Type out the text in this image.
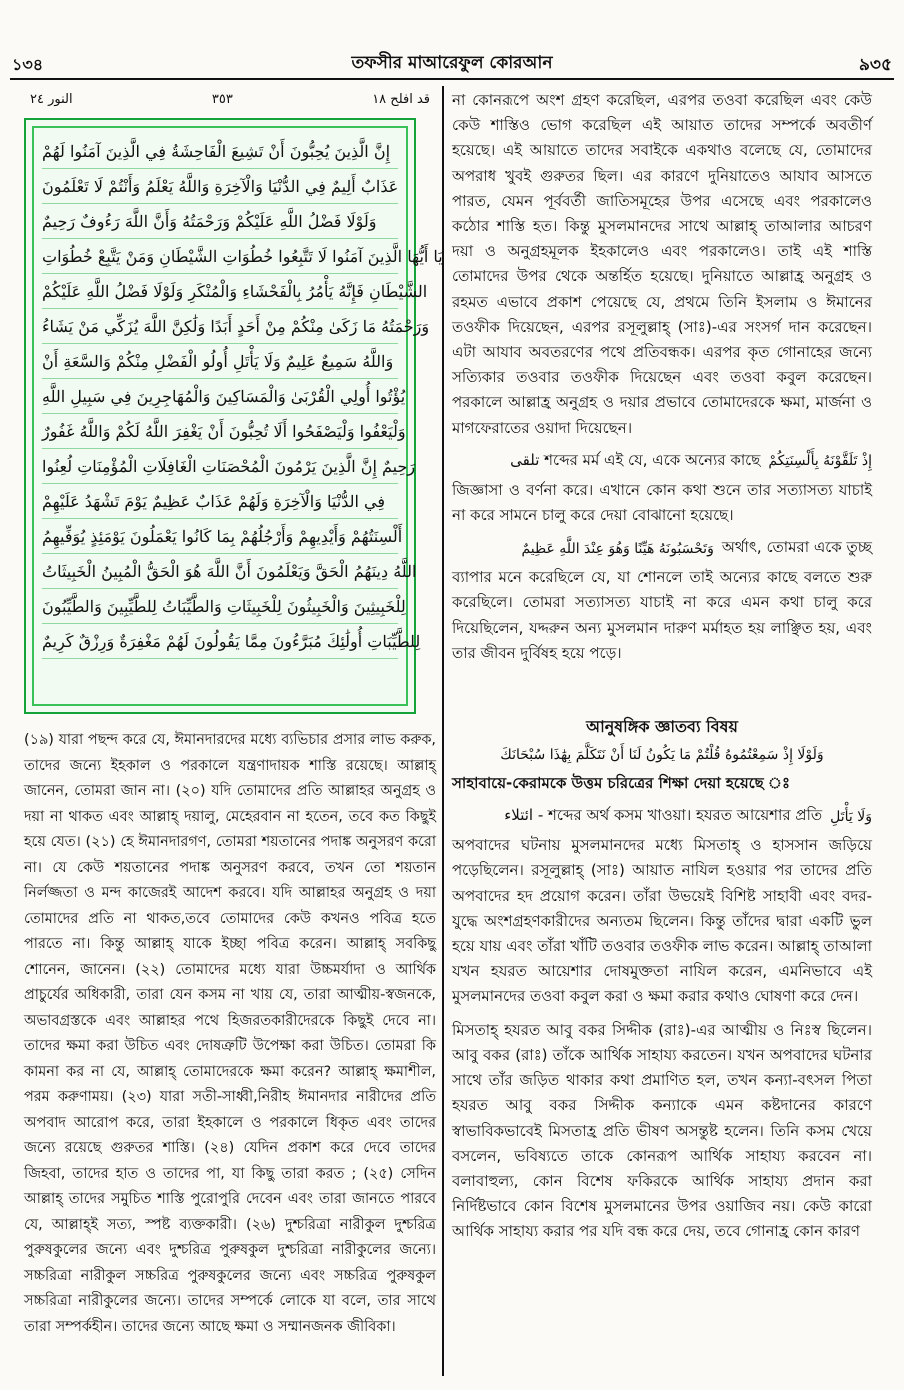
১৩৪	তফসীর মাআরেফুল কোরআন	৯৩৫
النور ٢٤	٣٥٣	قد افلح ١٨
إِنَّ الَّذِينَ يُحِبُّونَ أَنْ تَشِيعَ الْفَاحِشَةُ فِي الَّذِينَ آمَنُوا لَهُمْ
عَذَابٌ أَلِيمٌ فِي الدُّنْيَا وَالْآخِرَةِ وَاللَّهُ يَعْلَمُ وَأَنْتُمْ لَا تَعْلَمُونَ
وَلَوْلَا فَضْلُ اللَّهِ عَلَيْكُمْ وَرَحْمَتُهُ وَأَنَّ اللَّهَ رَءُوفٌ رَحِيمٌ
يَا أَيُّهَا الَّذِينَ آمَنُوا لَا تَتَّبِعُوا خُطُوَاتِ الشَّيْطَانِ وَمَنْ يَتَّبِعْ خُطُوَاتِ
الشَّيْطَانِ فَإِنَّهُ يَأْمُرُ بِالْفَحْشَاءِ وَالْمُنْكَرِ وَلَوْلَا فَضْلُ اللَّهِ عَلَيْكُمْ
وَرَحْمَتُهُ مَا زَكَىٰ مِنْكُمْ مِنْ أَحَدٍ أَبَدًا وَلَٰكِنَّ اللَّهَ يُزَكِّي مَنْ يَشَاءُ
وَاللَّهُ سَمِيعٌ عَلِيمٌ وَلَا يَأْتَلِ أُولُو الْفَضْلِ مِنْكُمْ وَالسَّعَةِ أَنْ
يُؤْتُوا أُولِي الْقُرْبَىٰ وَالْمَسَاكِينَ وَالْمُهَاجِرِينَ فِي سَبِيلِ اللَّهِ
وَلْيَعْفُوا وَلْيَصْفَحُوا أَلَا تُحِبُّونَ أَنْ يَغْفِرَ اللَّهُ لَكُمْ وَاللَّهُ غَفُورٌ
رَحِيمٌ إِنَّ الَّذِينَ يَرْمُونَ الْمُحْصَنَاتِ الْغَافِلَاتِ الْمُؤْمِنَاتِ لُعِنُوا
فِي الدُّنْيَا وَالْآخِرَةِ وَلَهُمْ عَذَابٌ عَظِيمٌ يَوْمَ تَشْهَدُ عَلَيْهِمْ
أَلْسِنَتُهُمْ وَأَيْدِيهِمْ وَأَرْجُلُهُمْ بِمَا كَانُوا يَعْمَلُونَ يَوْمَئِذٍ يُوَفِّيهِمُ
اللَّهُ دِينَهُمُ الْحَقَّ وَيَعْلَمُونَ أَنَّ اللَّهَ هُوَ الْحَقُّ الْمُبِينُ الْخَبِيثَاتُ
لِلْخَبِيثِينَ وَالْخَبِيثُونَ لِلْخَبِيثَاتِ وَالطَّيِّبَاتُ لِلطَّيِّبِينَ وَالطَّيِّبُونَ
لِلطَّيِّبَاتِ أُولَٰئِكَ مُبَرَّءُونَ مِمَّا يَقُولُونَ لَهُمْ مَغْفِرَةٌ وَرِزْقٌ كَرِيمٌ
(১৯) যারা পছন্দ করে যে, ঈমানদারদের মধ্যে ব্যভিচার প্রসার লাভ করুক, তাদের জন্যে ইহকাল ও পরকালে যন্ত্রণাদায়ক শাস্তি রয়েছে। আল্লাহ্ জানেন, তোমরা জান না। (২০) যদি তোমাদের প্রতি আল্লাহর অনুগ্রহ ও দয়া না থাকত এবং আল্লাহ্ দয়ালু, মেহেরবান না হতেন, তবে কত কিছুই হয়ে যেত। (২১) হে ঈমানদারগণ, তোমরা শয়তানের পদাঙ্ক অনুসরণ করো না। যে কেউ শয়তানের পদাঙ্ক অনুসরণ করবে, তখন তো শয়তান নির্লজ্জতা ও মন্দ কাজেরই আদেশ করবে। যদি আল্লাহর অনুগ্রহ ও দয়া তোমাদের প্রতি না থাকত,তবে তোমাদের কেউ কখনও পবিত্র হতে পারতে না। কিন্তু আল্লাহ্ যাকে ইচ্ছা পবিত্র করেন। আল্লাহ্ সবকিছু শোনেন, জানেন। (২২) তোমাদের মধ্যে যারা উচ্চমর্যাদা ও আর্থিক প্রাচুর্যের অধিকারী, তারা যেন কসম না খায় যে, তারা আত্মীয়-স্বজনকে, অভাবগ্রস্তকে এবং আল্লাহর পথে হিজরতকারীদেরকে কিছুই দেবে না। তাদের ক্ষমা করা উচিত এবং দোষত্রুটি উপেক্ষা করা উচিত। তোমরা কি কামনা কর না যে, আল্লাহ্ তোমাদেরকে ক্ষমা করেন? আল্লাহ্ ক্ষমাশীল, পরম করুণাময়। (২৩) যারা সতী-সাধ্বী,নিরীহ ঈমানদার নারীদের প্রতি অপবাদ আরোপ করে, তারা ইহকালে ও পরকালে ধিকৃত এবং তাদের জন্যে রয়েছে গুরুতর শাস্তি। (২৪) যেদিন প্রকাশ করে দেবে তাদের জিহবা, তাদের হাত ও তাদের পা, যা কিছু তারা করত ; (২৫) সেদিন আল্লাহ্ তাদের সমুচিত শাস্তি পুরোপুরি দেবেন এবং তারা জানতে পারবে যে, আল্লাহ্ই সত্য, স্পষ্ট ব্যক্তকারী। (২৬) দুশ্চরিত্রা নারীকুল দুশ্চরিত্র পুরুষকুলের জন্যে এবং দুশ্চরিত্র পুরুষকুল দুশ্চরিত্রা নারীকুলের জন্যে। সচ্চরিত্রা নারীকুল সচ্চরিত্র পুরুষকুলের জন্যে এবং সচ্চরিত্র পুরুষকুল সচ্চরিত্রা নারীকুলের জন্যে। তাদের সম্পর্কে লোকে যা বলে, তার সাথে তারা সম্পর্কহীন। তাদের জন্যে আছে ক্ষমা ও সম্মানজনক জীবিকা।

না কোনরূপে অংশ গ্রহণ করেছিল, এরপর তওবা করেছিল এবং কেউ কেউ শাস্তিও ভোগ করেছিল এই আয়াত তাদের সম্পর্কে অবতীর্ণ হয়েছে। এই আয়াতে তাদের সবাইকে একথাও বলেছে যে, তোমাদের অপরাধ খুবই গুরুতর ছিল। এর কারণে দুনিয়াতেও আযাব আসতে পারত, যেমন পূর্ববর্তী জাতিসমূহের উপর এসেছে এবং পরকালেও কঠোর শাস্তি হত। কিন্তু মুসলমানদের সাথে আল্লাহ্ তাআলার আচরণ দয়া ও অনুগ্রহমূলক ইহকালেও এবং পরকালেও। তাই এই শাস্তি তোমাদের উপর থেকে অন্তর্হিত হয়েছে। দুনিয়াতে আল্লাহ্র অনুগ্রহ ও রহমত এভাবে প্রকাশ পেয়েছে যে, প্রথমে তিনি ইসলাম ও ঈমানের তওফীক দিয়েছেন, এরপর রসূলুল্লাহ্ (সাঃ)-এর সংসর্গ দান করেছেন। এটা আযাব অবতরণের পথে প্রতিবন্ধক। এরপর কৃত গোনাহের জন্যে সত্যিকার তওবার তওফীক দিয়েছেন এবং তওবা কবুল করেছেন। পরকালে আল্লাহ্র অনুগ্রহ ও দয়ার প্রভাবে তোমাদেরকে ক্ষমা, মার্জনা ও মাগফেরাতের ওয়াদা দিয়েছেন।

تلقى শব্দের মর্ম এই যে, একে অন্যের কাছে إِذْ تَلَقَّوْنَهُ بِأَلْسِنَتِكُمْ

জিজ্ঞাসা ও বর্ণনা করে। এখানে কোন কথা শুনে তার সত্যাসত্য যাচাই না করে সামনে চালু করে দেয়া বোঝানো হয়েছে।

وَتَحْسَبُونَهُ هَيِّنًا وَهُوَ عِنْدَ اللَّهِ عَظِيمٌ অর্থাৎ, তোমরা একে তুচ্ছ

ব্যাপার মনে করেছিলে যে, যা শোনলে তাই অন্যের কাছে বলতে শুরু করেছিলে। তোমরা সত্যাসত্য যাচাই না করে এমন কথা চালু করে দিয়েছিলেন, যদ্দরুন অন্য মুসলমান দারুণ মর্মাহত হয় লাঞ্ছিত হয়, এবং তার জীবন দুর্বিষহ হয়ে পড়ে।

আনুষঙ্গিক জ্ঞাতব্য বিষয়
وَلَوْلَا إِذْ سَمِعْتُمُوهُ قُلْتُمْ مَا يَكُونُ لَنَا أَنْ نَتَكَلَّمَ بِهَٰذَا سُبْحَانَكَ

সাহাবায়ে-কেরামকে উত্তম চরিত্রের শিক্ষা দেয়া হয়েছে ঃ

ائتلاء - শব্দের অর্থ কসম খাওয়া। হযরত আয়েশার প্রতি وَلَا يَأْتَلِ

অপবাদের ঘটনায় মুসলমানদের মধ্যে মিসতাহ্ ও হাসসান জড়িয়ে পড়েছিলেন। রসূলুল্লাহ্ (সাঃ) আয়াত নাযিল হওয়ার পর তাদের প্রতি অপবাদের হদ প্রয়োগ করেন। তাঁরা উভয়েই বিশিষ্ট সাহাবী এবং বদর-যুদ্ধে অংশগ্রহণকারীদের অন্যতম ছিলেন। কিন্তু তাঁদের দ্বারা একটি ভুল হয়ে যায় এবং তাঁরা খাঁটি তওবার তওফীক লাভ করেন। আল্লাহ্ তাআলা যখন হযরত আয়েশার দোষমুক্ততা নাযিল করেন, এমনিভাবে এই মুসলমানদের তওবা কবুল করা ও ক্ষমা করার কথাও ঘোষণা করে দেন।

মিসতাহ্ হযরত আবু বকর সিদ্দীক (রাঃ)-এর আত্মীয় ও নিঃস্ব ছিলেন। আবু বকর (রাঃ) তাঁকে আর্থিক সাহায্য করতেন। যখন অপবাদের ঘটনার সাথে তাঁর জড়িত থাকার কথা প্রমাণিত হল, তখন কন্যা-বৎসল পিতা হযরত আবু বকর সিদ্দীক কন্যাকে এমন কষ্টদানের কারণে স্বাভাবিকভাবেই মিসতাহ্র প্রতি ভীষণ অসন্তুষ্ট হলেন। তিনি কসম খেয়ে বসলেন, ভবিষ্যতে তাকে কোনরূপ আর্থিক সাহায্য করবেন না। বলাবাহুল্য, কোন বিশেষ ফকিরকে আর্থিক সাহায্য প্রদান করা নির্দিষ্টভাবে কোন বিশেষ মুসলমানের উপর ওয়াজিব নয়। কেউ কারো আর্থিক সাহায্য করার পর যদি বন্ধ করে দেয়, তবে গোনাহ্র কোন কারণ
